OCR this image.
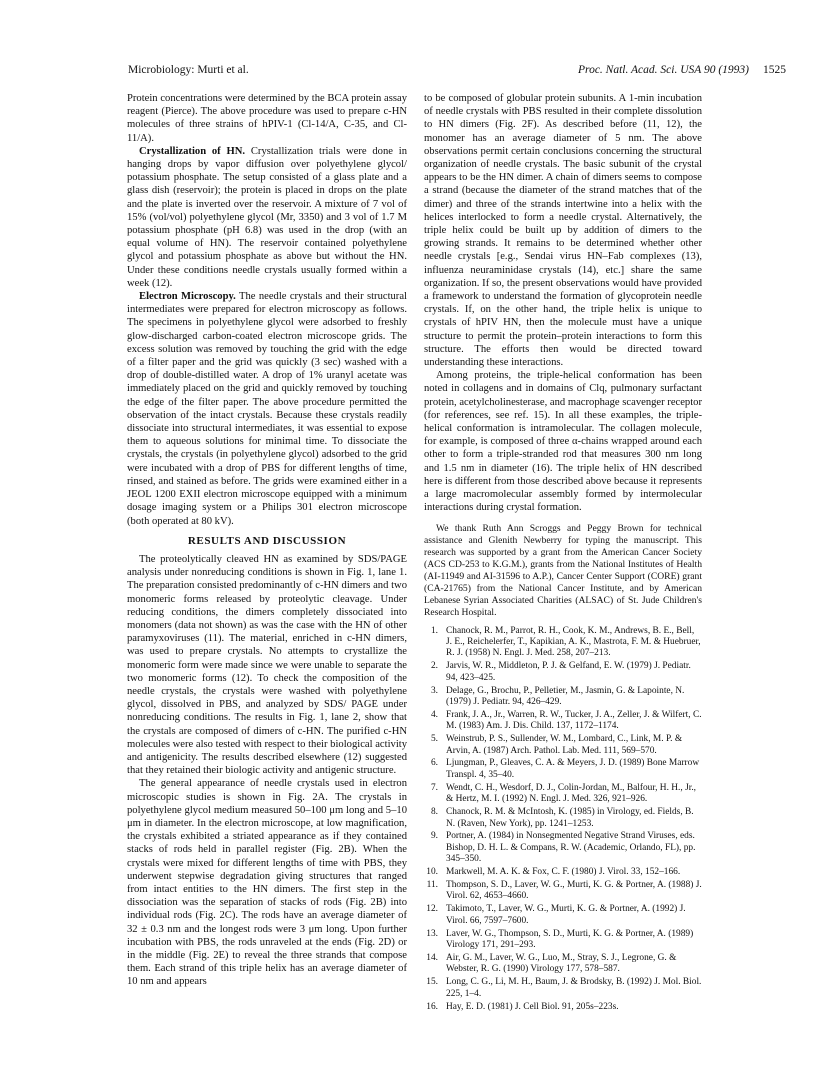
Microbiology: Murti et al.	Proc. Natl. Acad. Sci. USA 90 (1993) 1525

Protein concentrations were determined by the BCA protein assay reagent (Pierce). The above procedure was used to prepare c-HN molecules of three strains of hPIV-1 (Cl-14/A, C-35, and Cl-11/A).

Crystallization of HN. Crystallization trials were done in hanging drops by vapor diffusion over polyethylene glycol/ potassium phosphate. The setup consisted of a glass plate and a glass dish (reservoir); the protein is placed in drops on the plate and the plate is inverted over the reservoir. A mixture of 7 vol of 15% (vol/vol) polyethylene glycol (Mr, 3350) and 3 vol of 1.7 M potassium phosphate (pH 6.8) was used in the drop (with an equal volume of HN). The reservoir contained polyethylene glycol and potassium phosphate as above but without the HN. Under these conditions needle crystals usually formed within a week (12).

Electron Microscopy. The needle crystals and their structural intermediates were prepared for electron microscopy as follows. The specimens in polyethylene glycol were adsorbed to freshly glow-discharged carbon-coated electron microscope grids. The excess solution was removed by touching the grid with the edge of a filter paper and the grid was quickly (3 sec) washed with a drop of double-distilled water. A drop of 1% uranyl acetate was immediately placed on the grid and quickly removed by touching the edge of the filter paper. The above procedure permitted the observation of the intact crystals. Because these crystals readily dissociate into structural intermediates, it was essential to expose them to aqueous solutions for minimal time. To dissociate the crystals, the crystals (in polyethylene glycol) adsorbed to the grid were incubated with a drop of PBS for different lengths of time, rinsed, and stained as before. The grids were examined either in a JEOL 1200 EXII electron microscope equipped with a minimum dosage imaging system or a Philips 301 electron microscope (both operated at 80 kV).

RESULTS AND DISCUSSION

The proteolytically cleaved HN as examined by SDS/PAGE analysis under nonreducing conditions is shown in Fig. 1, lane 1. The preparation consisted predominantly of c-HN dimers and two monomeric forms released by proteolytic cleavage. Under reducing conditions, the dimers completely dissociated into monomers (data not shown) as was the case with the HN of other paramyxoviruses (11). The material, enriched in c-HN dimers, was used to prepare crystals. No attempts to crystallize the monomeric form were made since we were unable to separate the two monomeric forms (12). To check the composition of the needle crystals, the crystals were washed with polyethylene glycol, dissolved in PBS, and analyzed by SDS/ PAGE under nonreducing conditions. The results in Fig. 1, lane 2, show that the crystals are composed of dimers of c-HN. The purified c-HN molecules were also tested with respect to their biological activity and antigenicity. The results described elsewhere (12) suggested that they retained their biologic activity and antigenic structure.

The general appearance of needle crystals used in electron microscopic studies is shown in Fig. 2A. The crystals in polyethylene glycol medium measured 50–100 μm long and 5–10 μm in diameter. In the electron microscope, at low magnification, the crystals exhibited a striated appearance as if they contained stacks of rods held in parallel register (Fig. 2B). When the crystals were mixed for different lengths of time with PBS, they underwent stepwise degradation giving structures that ranged from intact entities to the HN dimers. The first step in the dissociation was the separation of stacks of rods (Fig. 2B) into individual rods (Fig. 2C). The rods have an average diameter of 32 ± 0.3 nm and the longest rods were 3 μm long. Upon further incubation with PBS, the rods unraveled at the ends (Fig. 2D) or in the middle (Fig. 2E) to reveal the three strands that compose them. Each strand of this triple helix has an average diameter of 10 nm and appears

to be composed of globular protein subunits. A 1-min incubation of needle crystals with PBS resulted in their complete dissolution to HN dimers (Fig. 2F). As described before (11, 12), the monomer has an average diameter of 5 nm. The above observations permit certain conclusions concerning the structural organization of needle crystals. The basic subunit of the crystal appears to be the HN dimer. A chain of dimers seems to compose a strand (because the diameter of the strand matches that of the dimer) and three of the strands intertwine into a helix with the helices interlocked to form a needle crystal. Alternatively, the triple helix could be built up by addition of dimers to the growing strands. It remains to be determined whether other needle crystals [e.g., Sendai virus HN–Fab complexes (13), influenza neuraminidase crystals (14), etc.] share the same organization. If so, the present observations would have provided a framework to understand the formation of glycoprotein needle crystals. If, on the other hand, the triple helix is unique to crystals of hPIV HN, then the molecule must have a unique structure to permit the protein–protein interactions to form this structure. The efforts then would be directed toward understanding these interactions.

Among proteins, the triple-helical conformation has been noted in collagens and in domains of Clq, pulmonary surfactant protein, acetylcholinesterase, and macrophage scavenger receptor (for references, see ref. 15). In all these examples, the triple-helical conformation is intramolecular. The collagen molecule, for example, is composed of three α-chains wrapped around each other to form a triple-stranded rod that measures 300 nm long and 1.5 nm in diameter (16). The triple helix of HN described here is different from those described above because it represents a large macromolecular assembly formed by intermolecular interactions during crystal formation.

We thank Ruth Ann Scroggs and Peggy Brown for technical assistance and Glenith Newberry for typing the manuscript. This research was supported by a grant from the American Cancer Society (ACS CD-253 to K.G.M.), grants from the National Institutes of Health (AI-11949 and AI-31596 to A.P.), Cancer Center Support (CORE) grant (CA-21765) from the National Cancer Institute, and by American Lebanese Syrian Associated Charities (ALSAC) of St. Jude Children's Research Hospital.

1. Chanock, R. M., Parrot, R. H., Cook, K. M., Andrews, B. E., Bell, J. E., Reichelerfer, T., Kapikian, A. K., Mastrota, F. M. & Huebruer, R. J. (1958) N. Engl. J. Med. 258, 207–213.
2. Jarvis, W. R., Middleton, P. J. & Gelfand, E. W. (1979) J. Pediatr. 94, 423–425.
3. Delage, G., Brochu, P., Pelletier, M., Jasmin, G. & Lapointe, N. (1979) J. Pediatr. 94, 426–429.
4. Frank, J. A., Jr., Warren, R. W., Tucker, J. A., Zeller, J. & Wilfert, C. M. (1983) Am. J. Dis. Child. 137, 1172–1174.
5. Weinstrub, P. S., Sullender, W. M., Lombard, C., Link, M. P. & Arvin, A. (1987) Arch. Pathol. Lab. Med. 111, 569–570.
6. Ljungman, P., Gleaves, C. A. & Meyers, J. D. (1989) Bone Marrow Transpl. 4, 35–40.
7. Wendt, C. H., Wesdorf, D. J., Colin-Jordan, M., Balfour, H. H., Jr., & Hertz, M. I. (1992) N. Engl. J. Med. 326, 921–926.
8. Chanock, R. M. & McIntosh, K. (1985) in Virology, ed. Fields, B. N. (Raven, New York), pp. 1241–1253.
9. Portner, A. (1984) in Nonsegmented Negative Strand Viruses, eds. Bishop, D. H. L. & Compans, R. W. (Academic, Orlando, FL), pp. 345–350.
10. Markwell, M. A. K. & Fox, C. F. (1980) J. Virol. 33, 152–166.
11. Thompson, S. D., Laver, W. G., Murti, K. G. & Portner, A. (1988) J. Virol. 62, 4653–4660.
12. Takimoto, T., Laver, W. G., Murti, K. G. & Portner, A. (1992) J. Virol. 66, 7597–7600.
13. Laver, W. G., Thompson, S. D., Murti, K. G. & Portner, A. (1989) Virology 171, 291–293.
14. Air, G. M., Laver, W. G., Luo, M., Stray, S. J., Legrone, G. & Webster, R. G. (1990) Virology 177, 578–587.
15. Long, C. G., Li, M. H., Baum, J. & Brodsky, B. (1992) J. Mol. Biol. 225, 1–4.
16. Hay, E. D. (1981) J. Cell Biol. 91, 205s–223s.
